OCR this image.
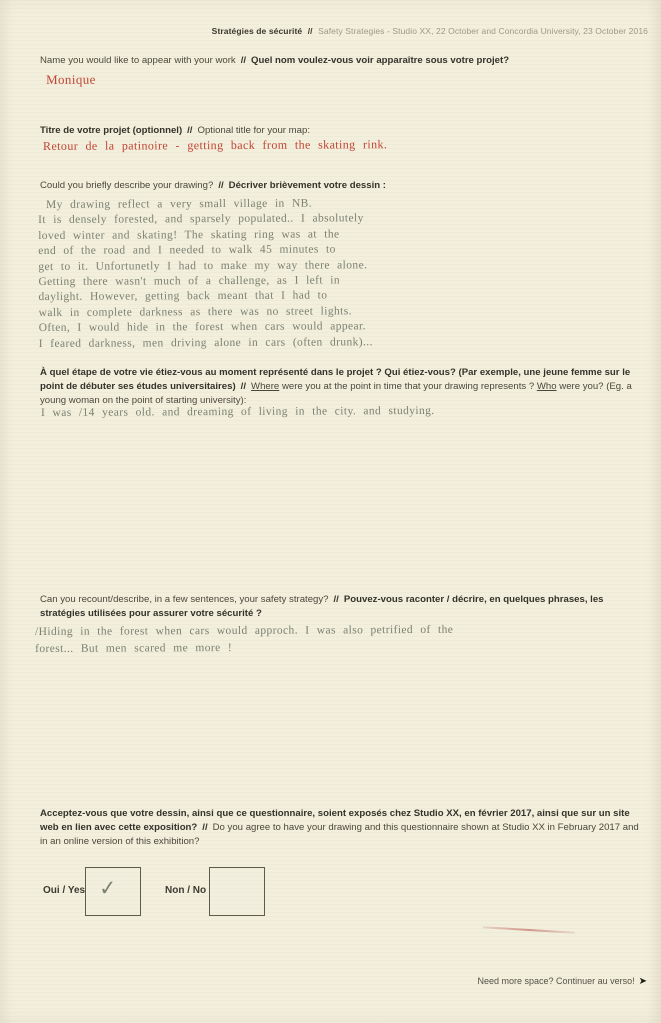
Stratégies de sécurité // Safety Strategies - Studio XX, 22 October and Concordia University, 23 October 2016
Name you would like to appear with your work // Quel nom voulez-vous voir apparaître sous votre projet?
Monique
Titre de votre projet (optionnel) // Optional title for your map:
Retour de la patinoire - getting back from the skating rink.
Could you briefly describe your drawing? // Décriver brièvement votre dessin :
My drawing reflect a very small village in NB.
It is densely forested, and sparsely populated.. I absolutely
loved winter and skating! The skating ring was at the
end of the road and I needed to walk 45 minutes to
get to it. Unfortunetly I had to make my way there alone.
Getting there wasn't much of a challenge, as I left in
daylight. However, getting back meant that I had to
walk in complete darkness as there was no street lights.
Often, I would hide in the forest when cars would appear.
I feared darkness, men driving alone in cars (often drunk)...
À quel étape de votre vie étiez-vous au moment représenté dans le projet ? Qui étiez-vous? (Par exemple, une jeune femme sur le point de débuter ses études universitaires) // Where were you at the point in time that your drawing represents ? Who were you? (Eg. a young woman on the point of starting university):
I was /14 years old. and dreaming of living in the city. and studying.
Can you recount/describe, in a few sentences, your safety strategy? // Pouvez-vous raconter / décrire, en quelques phrases, les stratégies utilisées pour assurer votre sécurité ?
/Hiding in the forest when cars would approch. I was also petrified of the
forest... But men scared me more !
Acceptez-vous que votre dessin, ainsi que ce questionnaire, soient exposés chez Studio XX, en février 2017, ainsi que sur un site web en lien avec cette exposition? // Do you agree to have your drawing and this questionnaire shown at Studio XX in February 2017 and in an online version of this exhibition?
Oui / Yes ✓	Non / No
Need more space? Continuer au verso! ➤
